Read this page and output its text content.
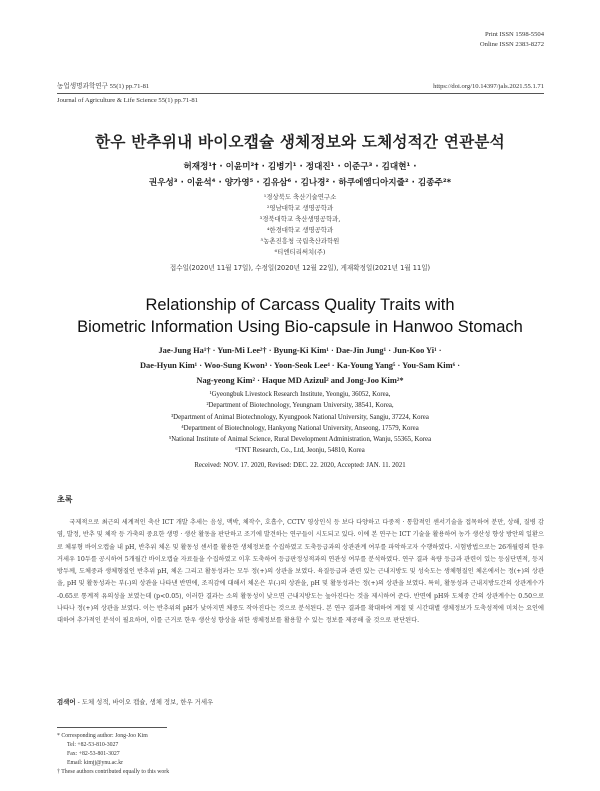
Print ISSN 1598-5504
Online ISSN 2383-8272
농업생명과학연구 55(1) pp.71-81	https://doi.org/10.14397/jals.2021.55.1.71
Journal of Agriculture & Life Science 55(1) pp.71-81
한우 반추위내 바이오캡슐 생체정보와 도체성적간 연관분석
허재정¹† · 이윤미²† · 김병기¹ · 정대진¹ · 이준구³ · 김대현¹ ·
권우성³ · 이윤석⁴ · 양가영⁵ · 김유삼⁶ · 김나경² · 하쿠에엠디아지줄² · 김종주²*
¹경상북도 축산기술연구소
²영남대학교 생명공학과
³경북대학교 축산생명공학과,
⁴한경대학교 생명공학과
⁵농촌진흥청 국립축산과학원
⁶티엔티리써치(주)
접수일(2020년 11월 17일), 수정일(2020년 12월 22일), 게재확정일(2021년 1월 11일)
Relationship of Carcass Quality Traits with
Biometric Information Using Bio-capsule in Hanwoo Stomach
Jae-Jung Ha¹† · Yun-Mi Lee²† · Byung-Ki Kim¹ · Dae-Jin Jung¹ · Jun-Koo Yi¹ ·
Dae-Hyun Kim¹ · Woo-Sung Kwon³ · Yoon-Seok Lee⁴ · Ka-Young Yang⁵ · You-Sam Kim⁶ ·
Nag-yeong Kim² · Haque MD Azizul² and Jong-Joo Kim²*
¹Gyeongbuk Livestock Research Institute, Yeongju, 36052, Korea,
²Department of Biotechnology, Yeungnam University, 38541, Korea,
³Department of Animal Biotechnology, Kyungpook National University, Sangju, 37224, Korea
⁴Department of Biotechnology, Hankyong National University, Anseong, 17579, Korea
⁵National Institute of Animal Science, Rural Development Administration, Wanju, 55365, Korea
⁶TNT Research, Co., Ltd, Jeonju, 54810, Korea
Received: NOV. 17. 2020, Revised: DEC. 22. 2020, Accepted: JAN. 11. 2021
초록
국제적으로 최근의 세계적인 축산 ICT 개발 추세는 음성, 맥박, 체작수, 호흡수, CCTV 영상인식 등 보다 다양하고 다중적 · 통합적인 센서기술을 접목하여 분만, 상해, 질병 감염, 발정, 반추 및 체작 등 가축의 중요한 생명 · 생산 활동을 판단하고 조기에 발견하는 연구들이 시도되고 있다. 이에 본 연구는 ICT 기술을 활용하여 농가 생산성 향상 방안의 일환으로 체류형 바이오캡슐 내 pH, 반추위 체온 및 활동성 센서를 활용한 생체정보를 수집하였고 도축등급과의 상관관계 여부를 파악하고자 수행하였다. 시험방법으로는 26개월령의 한우 거세우 10두를 공시하여 5개월간 바이오캡슐 자료들을 수집하였고 이후 도축하여 등급판정성적과의 연관성 여부를 분석하였다. 연구 결과 육량 등급과 관련이 있는 등심단면적, 등지방두께, 도체중과 생체형질인 반추위 pH, 체온 그리고 활동성과는 모두 정(+)의 상관을 보였다. 육질등급과 관련 있는 근내지방도 및 성숙도는 생체형질인 체온에서는 정(+)의 상관을, pH 및 활동성과는 부(-)의 상관을 나타낸 반면에, 조직감에 대해서 체온은 부(-)의 상관을, pH 및 활동성과는 정(+)의 상관을 보였다. 특히, 활동성과 근내지방도간의 상관계수가 -0.65로 통계적 유의성을 보였는데 (p<0.05), 이러한 결과는 소의 활동성이 낮으면 근내지방도는 높아진다는 것을 제시하여 준다. 반면에 pH와 도체중 간의 상관계수는 0.50으로 나타나 정(+)의 상관을 보였다. 이는 반추위의 pH가 낮아지면 체중도 작아진다는 것으로 분석된다. 본 연구 결과를 확대하여 계절 및 시간대별 생체정보가 도축성적에 미치는 요인에 대하여 추가적인 분석이 필요하며, 이를 근거로 한우 생산성 향상을 위한 생체정보를 활용할 수 있는 정보를 제공해 줄 것으로 판단된다.
검색어 - 도체 성적, 바이오 캡슐, 생체 정보, 한우 거세우
* Corresponding author: Jong-Joo Kim
Tel: +82-53-810-3027
Fax: +82-53-801-3027
Email: kimjj@ynu.ac.kr
† These authors contributed equally to this work
